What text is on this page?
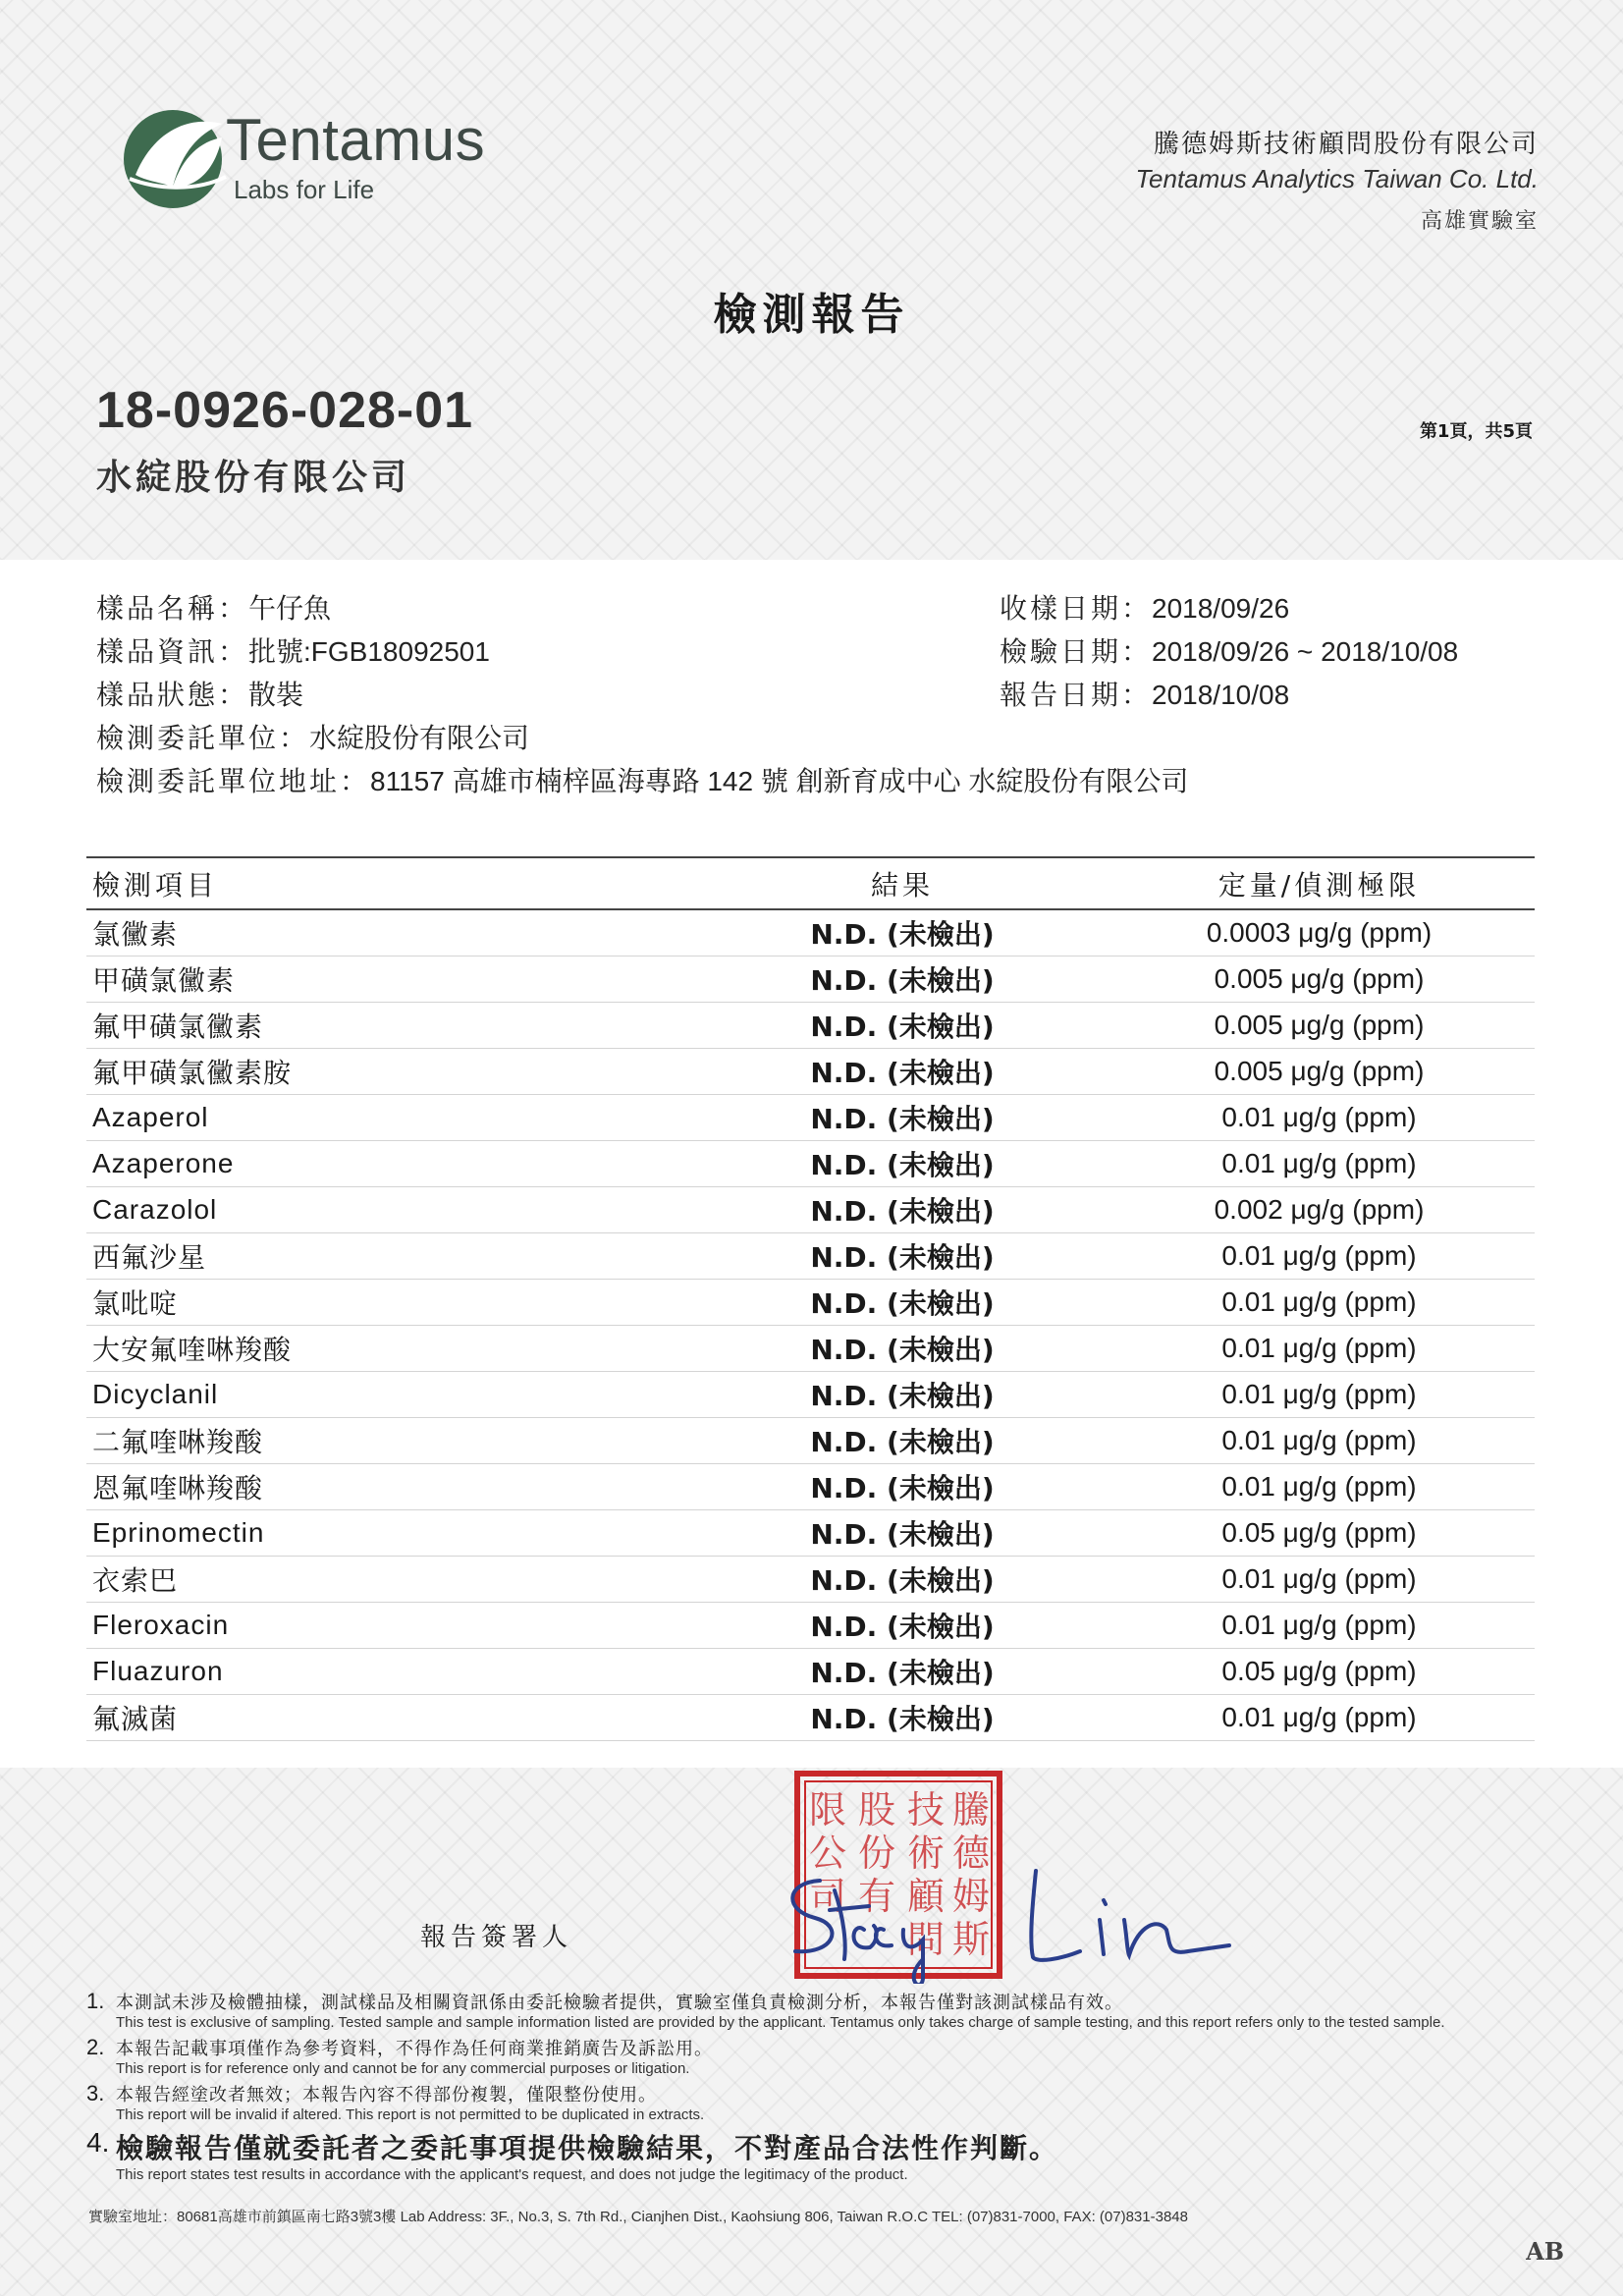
Tentamus
Labs for Life
騰德姆斯技術顧問股份有限公司
Tentamus Analytics Taiwan Co. Ltd.
高雄實驗室
檢測報告
18-0926-028-01
水綻股份有限公司
第1頁，共5頁
樣品名稱：午仔魚
樣品資訊：批號:FGB18092501
樣品狀態：散裝
檢測委託單位：水綻股份有限公司
檢測委託單位地址：81157 高雄市楠梓區海專路 142 號 創新育成中心 水綻股份有限公司
收樣日期：2018/09/26
檢驗日期：2018/09/26 ~ 2018/10/08
報告日期：2018/10/08
檢測項目	結果	定量/偵測極限
氯黴素	N.D. (未檢出)	0.0003 μg/g (ppm)
甲磺氯黴素	N.D. (未檢出)	0.005 μg/g (ppm)
氟甲磺氯黴素	N.D. (未檢出)	0.005 μg/g (ppm)
氟甲磺氯黴素胺	N.D. (未檢出)	0.005 μg/g (ppm)
Azaperol	N.D. (未檢出)	0.01 μg/g (ppm)
Azaperone	N.D. (未檢出)	0.01 μg/g (ppm)
Carazolol	N.D. (未檢出)	0.002 μg/g (ppm)
西氟沙星	N.D. (未檢出)	0.01 μg/g (ppm)
氯吡啶	N.D. (未檢出)	0.01 μg/g (ppm)
大安氟喹啉羧酸	N.D. (未檢出)	0.01 μg/g (ppm)
Dicyclanil	N.D. (未檢出)	0.01 μg/g (ppm)
二氟喹啉羧酸	N.D. (未檢出)	0.01 μg/g (ppm)
恩氟喹啉羧酸	N.D. (未檢出)	0.01 μg/g (ppm)
Eprinomectin	N.D. (未檢出)	0.05 μg/g (ppm)
衣索巴	N.D. (未檢出)	0.01 μg/g (ppm)
Fleroxacin	N.D. (未檢出)	0.01 μg/g (ppm)
Fluazuron	N.D. (未檢出)	0.05 μg/g (ppm)
氟滅菌	N.D. (未檢出)	0.01 μg/g (ppm)
騰
德
姆
斯
技
術
顧
問
股
份
有
限
公
司
報告簽署人
1. 本測試未涉及檢體抽樣，測試樣品及相關資訊係由委託檢驗者提供，實驗室僅負責檢測分析，本報告僅對該測試樣品有效。
This test is exclusive of sampling. Tested sample and sample information listed are provided by the applicant. Tentamus only takes charge of sample testing, and this report refers only to the tested sample.
2. 本報告記載事項僅作為參考資料，不得作為任何商業推銷廣告及訴訟用。
This report is for reference only and cannot be for any commercial purposes or litigation.
3. 本報告經塗改者無效；本報告內容不得部份複製，僅限整份使用。
This report will be invalid if altered. This report is not permitted to be duplicated in extracts.
4. 檢驗報告僅就委託者之委託事項提供檢驗結果，不對產品合法性作判斷。
This report states test results in accordance with the applicant's request, and does not judge the legitimacy of the product.
實驗室地址：80681高雄市前鎮區南七路3號3樓 Lab Address: 3F., No.3, S. 7th Rd., Cianjhen Dist., Kaohsiung 806, Taiwan R.O.C TEL: (07)831-7000, FAX: (07)831-3848
AB
